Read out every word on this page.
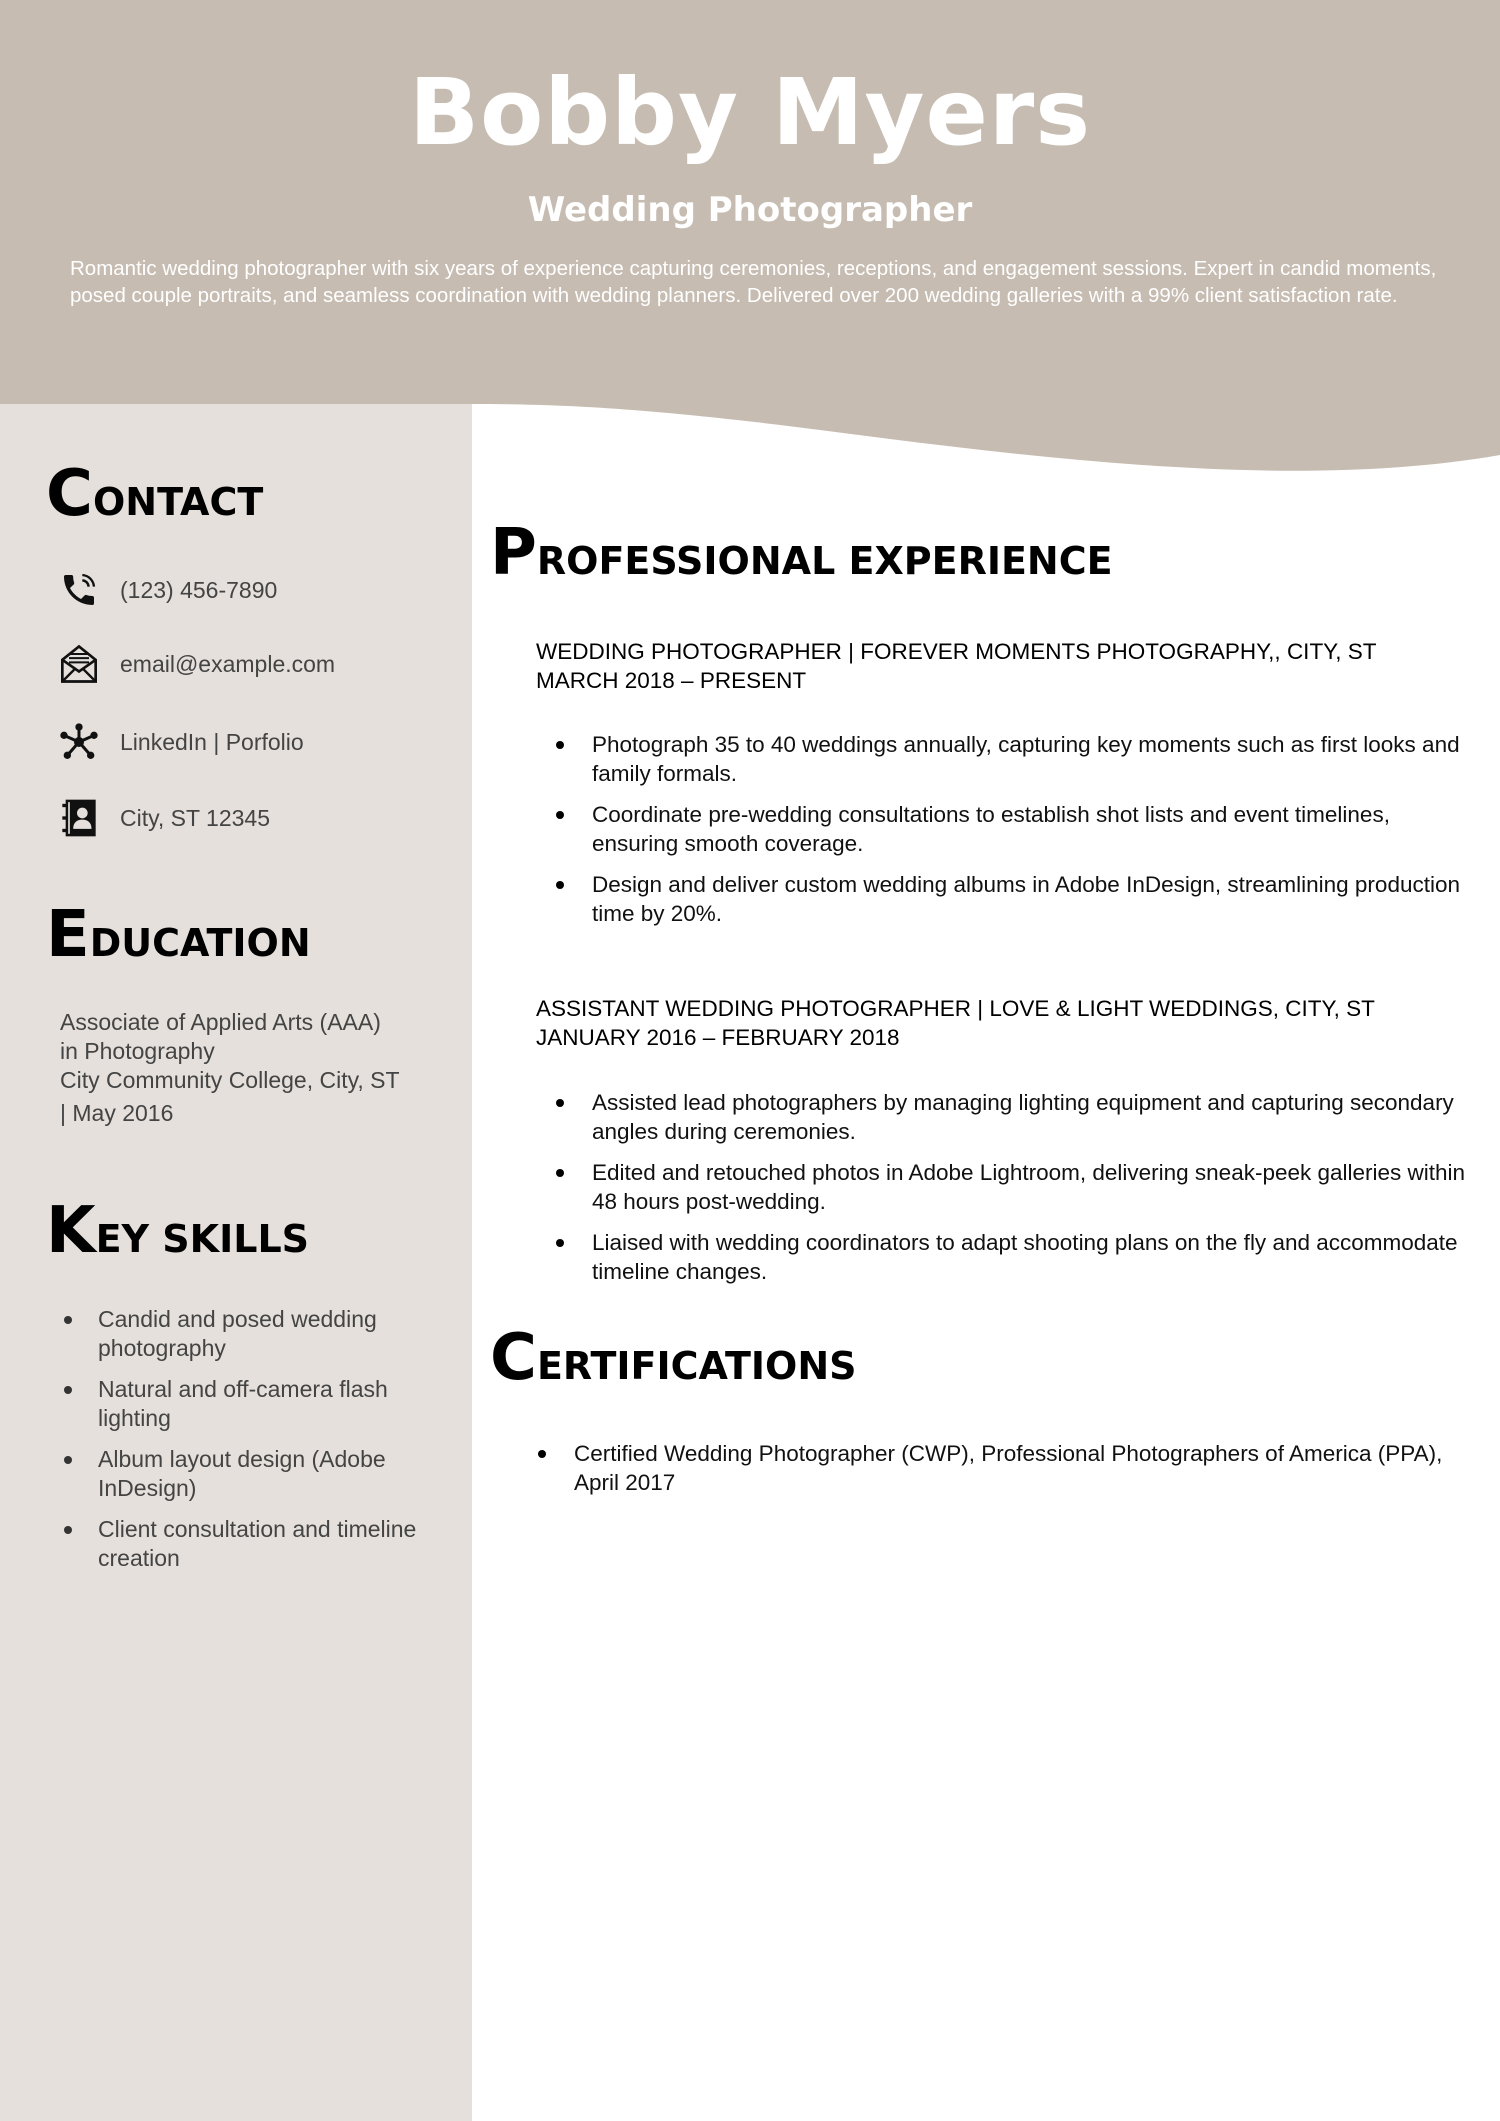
Bobby Myers
Wedding Photographer

Romantic wedding photographer with six years of experience capturing ceremonies, receptions, and engagement sessions. Expert in candid moments, posed couple portraits, and seamless coordination with wedding planners. Delivered over 200 wedding galleries with a 99% client satisfaction rate.

CONTACT
(123) 456-7890
email@example.com
LinkedIn | Porfolio
City, ST 12345
EDUCATION
Associate of Applied Arts (AAA)
in Photography
City Community College, City, ST
| May 2016
KEY SKILLS
Candid and posed wedding photography
Natural and off-camera flash lighting
Album layout design (Adobe InDesign)
Client consultation and timeline creation
PROFESSIONAL EXPERIENCE
WEDDING PHOTOGRAPHER | FOREVER MOMENTS PHOTOGRAPHY,, CITY, ST
MARCH 2018 – PRESENT
Photograph 35 to 40 weddings annually, capturing key moments such as first looks and family formals.
Coordinate pre-wedding consultations to establish shot lists and event timelines, ensuring smooth coverage.
Design and deliver custom wedding albums in Adobe InDesign, streamlining production time by 20%.
ASSISTANT WEDDING PHOTOGRAPHER | LOVE & LIGHT WEDDINGS, CITY, ST
JANUARY 2016 – FEBRUARY 2018
Assisted lead photographers by managing lighting equipment and capturing secondary angles during ceremonies.
Edited and retouched photos in Adobe Lightroom, delivering sneak-peek galleries within 48 hours post-wedding.
Liaised with wedding coordinators to adapt shooting plans on the fly and accommodate timeline changes.
CERTIFICATIONS
Certified Wedding Photographer (CWP), Professional Photographers of America (PPA), April 2017
